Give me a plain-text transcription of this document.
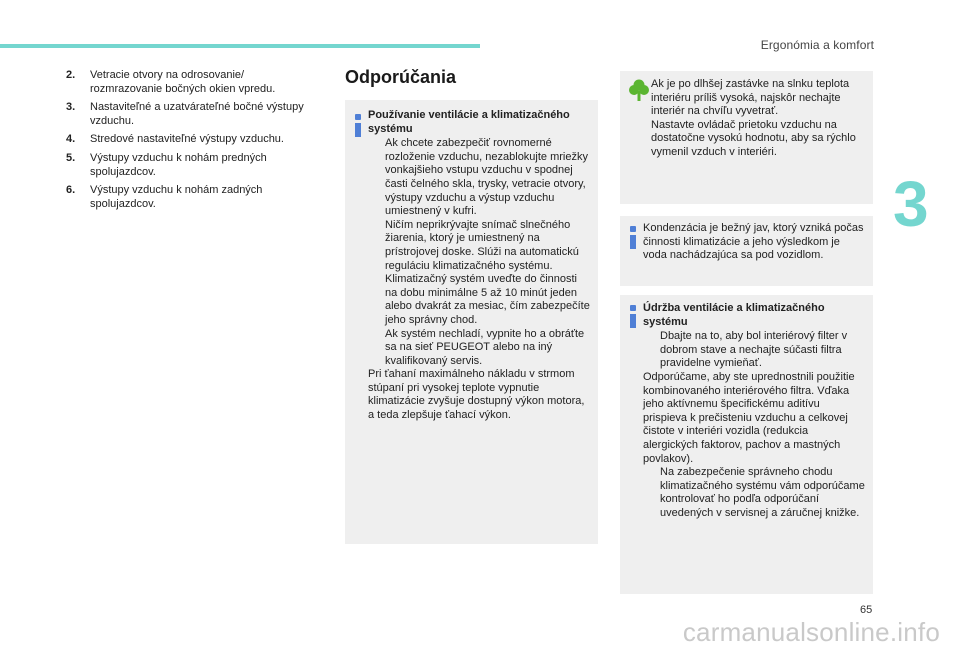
Ergonómia a komfort
3
2. Vetracie otvory na odrosovanie/ rozmrazovanie bočných okien vpredu.
3. Nastaviteľné a uzatvárateľné bočné výstupy vzduchu.
4. Stredové nastaviteľné výstupy vzduchu.
5. Výstupy vzduchu k nohám predných spolujazdcov.
6. Výstupy vzduchu k nohám zadných spolujazdcov.
Odporúčania

Používanie ventilácie a klimatizačného systému

Ak chcete zabezpečiť rovnomerné rozloženie vzduchu, nezablokujte mriežky vonkajšieho vstupu vzduchu v spodnej časti čelného skla, trysky, vetracie otvory, výstupy vzduchu a výstup vzduchu umiestnený v kufri.
Ničím neprikrývajte snímač slnečného žiarenia, ktorý je umiestnený na prístrojovej doske. Slúži na automatickú reguláciu klimatizačného systému.
Klimatizačný systém uveďte do činnosti na dobu minimálne 5 až 10 minút jeden alebo dvakrát za mesiac, čím zabezpečíte jeho správny chod.
Ak systém nechladí, vypnite ho a obráťte sa na sieť PEUGEOT alebo na iný kvalifikovaný servis.

Pri ťahaní maximálneho nákladu v strmom stúpaní pri vysokej teplote vypnutie klimatizácie zvyšuje dostupný výkon motora, a teda zlepšuje ťahací výkon.

Ak je po dlhšej zastávke na slnku teplota interiéru príliš vysoká, najskôr nechajte interiér na chvíľu vyvetrať.

Nastavte ovládač prietoku vzduchu na dostatočne vysokú hodnotu, aby sa rýchlo vymenil vzduch v interiéri.

Kondenzácia je bežný jav, ktorý vzniká počas činnosti klimatizácie a jeho výsledkom je voda nachádzajúca sa pod vozidlom.

Údržba ventilácie a klimatizačného systému

Dbajte na to, aby bol interiérový filter v dobrom stave a nechajte súčasti filtra pravidelne vymieňať.

Odporúčame, aby ste uprednostnili použitie kombinovaného interiérového filtra. Vďaka jeho aktívnemu špecifickému aditívu prispieva k prečisteniu vzduchu a celkovej čistote v interiéri vozidla (redukcia alergických faktorov, pachov a mastných povlakov).

Na zabezpečenie správneho chodu klimatizačného systému vám odporúčame kontrolovať ho podľa odporúčaní uvedených v servisnej a záručnej knižke.
65
carmanualsonline.info
